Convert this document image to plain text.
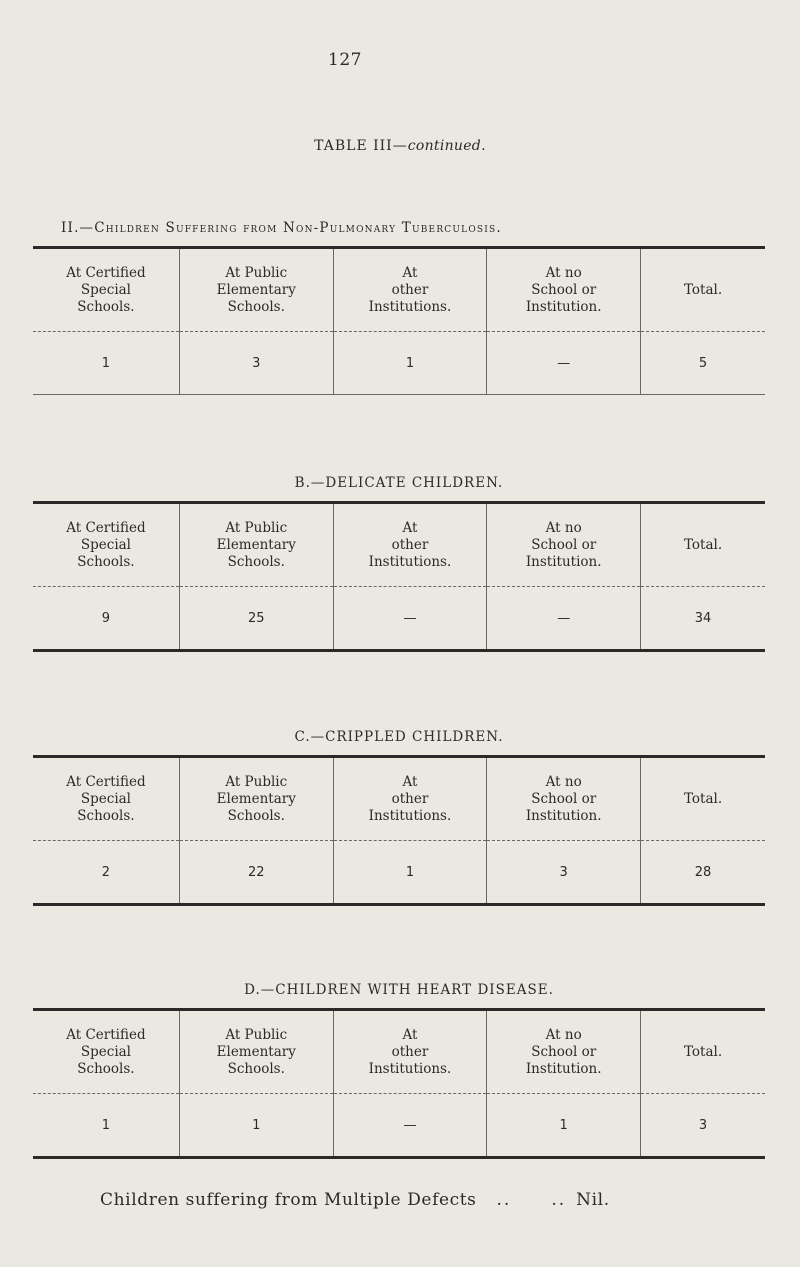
127
TABLE III—continued.
II.—Children Suffering from Non-Pulmonary Tuberculosis.
At Certified
Special
Schools.	At Public
Elementary
Schools.	At
other
Institutions.	At no
School or
Institution.	Total.
1	3	1	—	5
B.—DELICATE CHILDREN.
At Certified
Special
Schools.	At Public
Elementary
Schools.	At
other
Institutions.	At no
School or
Institution.	Total.
9	25	—	—	34
C.—CRIPPLED CHILDREN.
At Certified
Special
Schools.	At Public
Elementary
Schools.	At
other
Institutions.	At no
School or
Institution.	Total.
2	22	1	3	28
D.—CHILDREN WITH HEART DISEASE.
At Certified
Special
Schools.	At Public
Elementary
Schools.	At
other
Institutions.	At no
School or
Institution.	Total.
1	1	—	1	3
Children suffering from Multiple Defects .. .. Nil.
